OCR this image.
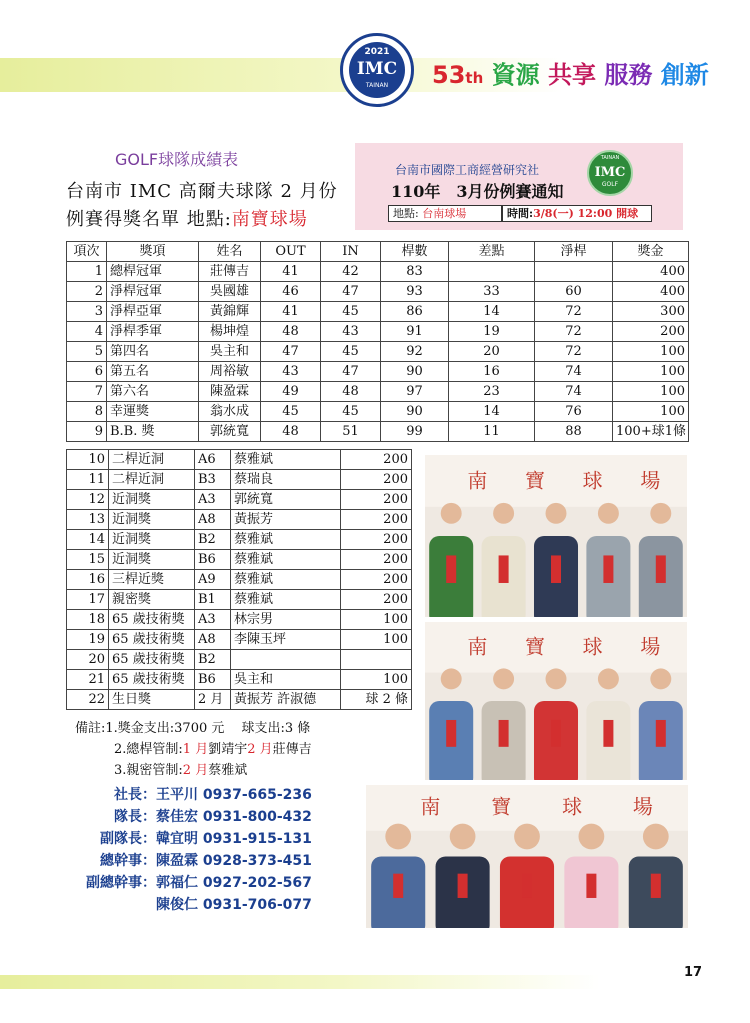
2021
IMC
TAINAN	53th 資源 共享 服務 創新
GOLF球隊成績表
台南市 IMC 高爾夫球隊 2 月份
例賽得獎名單 地點:南寶球場
台南市國際工商經營研究社
110年　3月份例賽通知
TAINAN
IMC
GOLF
地點: 台南球場	時間:3/8(一) 12:00 開球
項次	獎項	姓名	OUT	IN	桿數	差點	淨桿	獎金
1	總桿冠軍	莊傳吉	41	42	83			400
2	淨桿冠軍	吳國雄	46	47	93	33	60	400
3	淨桿亞軍	黃錦輝	41	45	86	14	72	300
4	淨桿季軍	楊坤煌	48	43	91	19	72	200
5	第四名	吳主和	47	45	92	20	72	100
6	第五名	周裕敏	43	47	90	16	74	100
7	第六名	陳盈霖	49	48	97	23	74	100
8	幸運獎	翁水成	45	45	90	14	76	100
9	B.B. 獎	郭統寬	48	51	99	11	88	100+球1條
10	二桿近洞	A6	蔡雅斌	200
11	二桿近洞	B3	蔡瑞良	200
12	近洞獎	A3	郭統寬	200
13	近洞獎	A8	黃振芳	200
14	近洞獎	B2	蔡雅斌	200
15	近洞獎	B6	蔡雅斌	200
16	三桿近獎	A9	蔡雅斌	200
17	親密獎	B1	蔡雅斌	200
18	65 歲技術獎	A3	林宗男	100
19	65 歲技術獎	A8	李陳玉坪	100
20	65 歲技術獎	B2		
21	65 歲技術獎	B6	吳主和	100
22	生日獎	2 月	黃振芳 許淑德	球 2 條
南 寶 球 場
南 寶 球 場
南	寶	球	場
備註:1.獎金支出:3700 元　 球支出:3 條
2.總桿管制:1 月劉靖宇2 月莊傳吉
3.親密管制:2 月蔡雅斌
社長： 王平川 0937-665-236
隊長： 蔡佳宏 0931-800-432
副隊長： 韓宜明 0931-915-131
總幹事： 陳盈霖 0928-373-451
副總幹事： 郭福仁 0927-202-567
陳俊仁 0931-706-077
17
